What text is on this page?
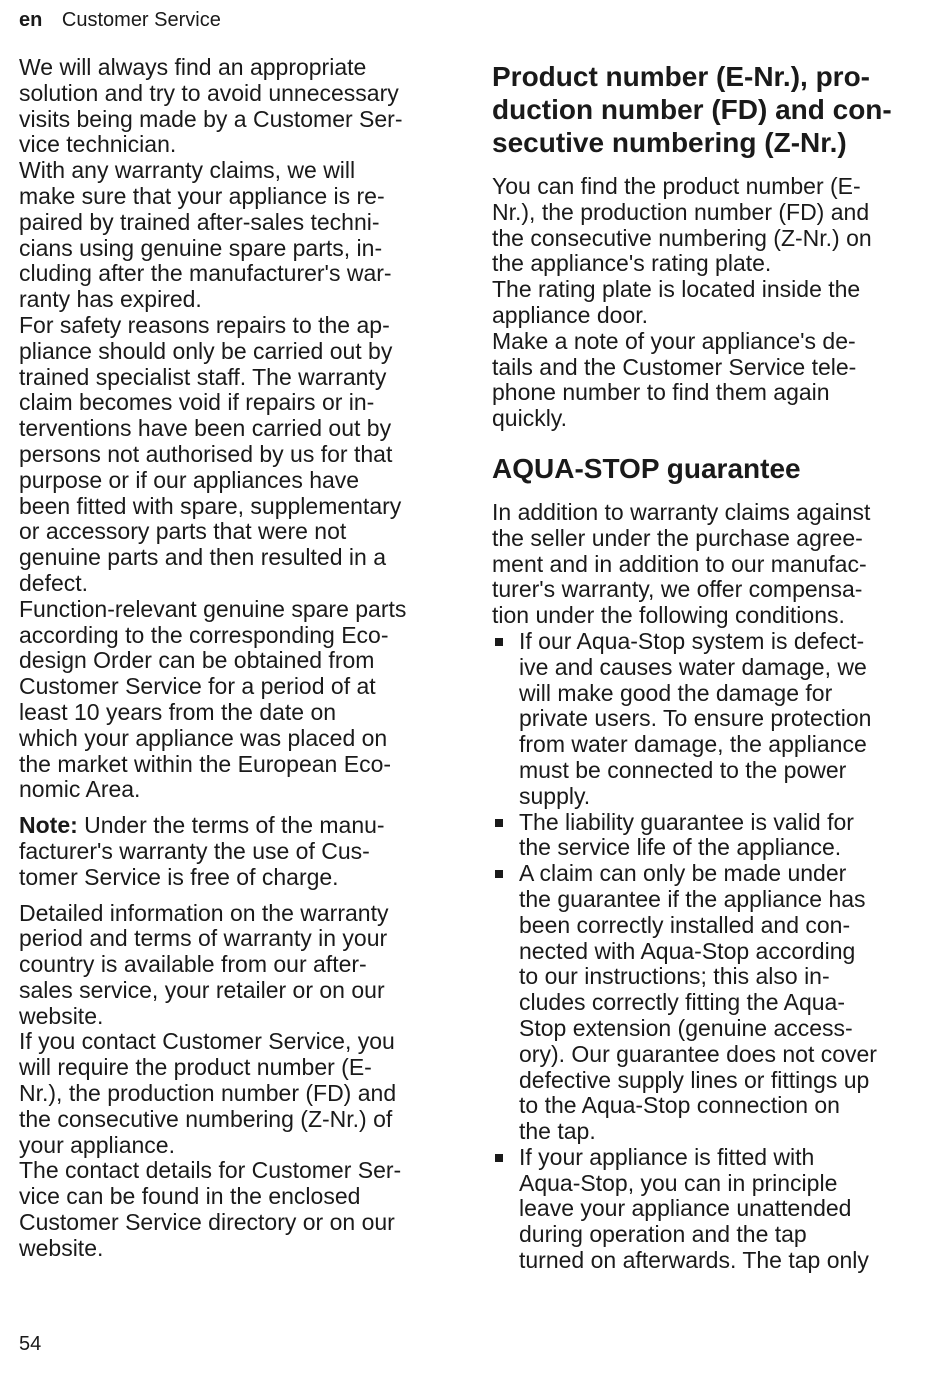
en Customer Service

We will always find an appropriate
solution and try to avoid unnecessary
visits being made by a Customer Ser-
vice technician.

With any warranty claims, we will
make sure that your appliance is re-
paired by trained after-sales techni-
cians using genuine spare parts, in-
cluding after the manufacturer's war-
ranty has expired.

For safety reasons repairs to the ap-
pliance should only be carried out by
trained specialist staff. The warranty
claim becomes void if repairs or in-
terventions have been carried out by
persons not authorised by us for that
purpose or if our appliances have
been fitted with spare, supplementary
or accessory parts that were not
genuine parts and then resulted in a
defect.

Function-relevant genuine spare parts
according to the corresponding Eco-
design Order can be obtained from
Customer Service for a period of at
least 10 years from the date on
which your appliance was placed on
the market within the European Eco-
nomic Area.

Note: Under the terms of the manu-
facturer's warranty the use of Cus-
tomer Service is free of charge.

Detailed information on the warranty
period and terms of warranty in your
country is available from our after-
sales service, your retailer or on our
website.

If you contact Customer Service, you
will require the product number (E-
Nr.), the production number (FD) and
the consecutive numbering (Z-Nr.) of
your appliance.

The contact details for Customer Ser-
vice can be found in the enclosed
Customer Service directory or on our
website.

Product number (E-Nr.), pro-
duction number (FD) and con-
secutive numbering (Z-Nr.)

You can find the product number (E-
Nr.), the production number (FD) and
the consecutive numbering (Z-Nr.) on
the appliance's rating plate.

The rating plate is located inside the
appliance door.

Make a note of your appliance's de-
tails and the Customer Service tele-
phone number to find them again
quickly.

AQUA-STOP guarantee

In addition to warranty claims against
the seller under the purchase agree-
ment and in addition to our manufac-
turer's warranty, we offer compensa-
tion under the following conditions.

If our Aqua-Stop system is defect-
ive and causes water damage, we
will make good the damage for
private users. To ensure protection
from water damage, the appliance
must be connected to the power
supply.
The liability guarantee is valid for
the service life of the appliance.
A claim can only be made under
the guarantee if the appliance has
been correctly installed and con-
nected with Aqua-Stop according
to our instructions; this also in-
cludes correctly fitting the Aqua-
Stop extension (genuine access-
ory). Our guarantee does not cover
defective supply lines or fittings up
to the Aqua-Stop connection on
the tap.
If your appliance is fitted with
Aqua-Stop, you can in principle
leave your appliance unattended
during operation and the tap
turned on afterwards. The tap only
54
